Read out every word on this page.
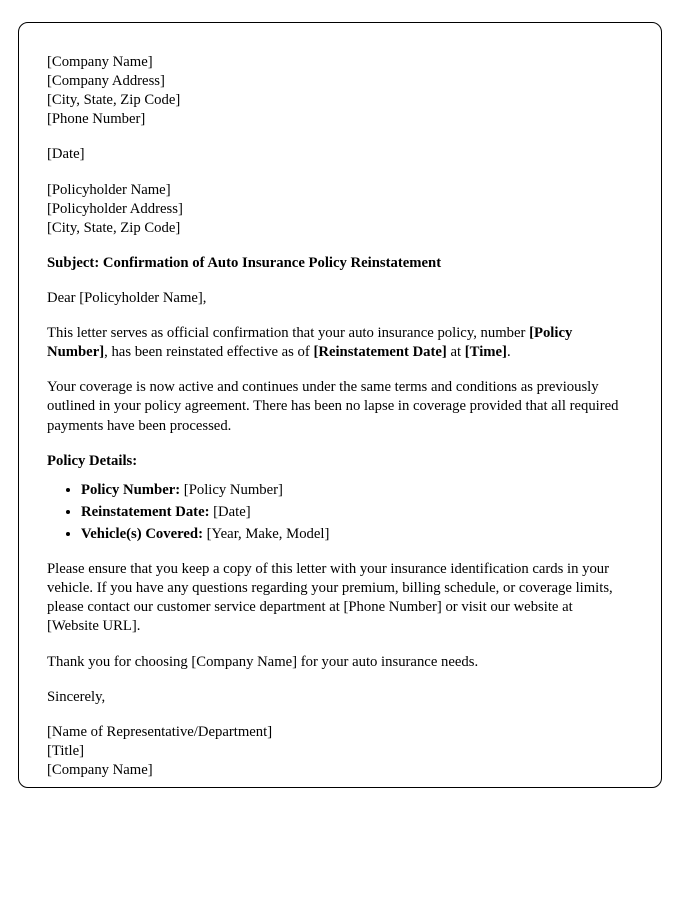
[Company Name]
[Company Address]
[City, State, Zip Code]
[Phone Number]
[Date]
[Policyholder Name]
[Policyholder Address]
[City, State, Zip Code]
Subject: Confirmation of Auto Insurance Policy Reinstatement
Dear [Policyholder Name],

This letter serves as official confirmation that your auto insurance policy, number [Policy Number], has been reinstated effective as of [Reinstatement Date] at [Time].

Your coverage is now active and continues under the same terms and conditions as previously outlined in your policy agreement. There has been no lapse in coverage provided that all required payments have been processed.

Policy Details:
• Policy Number: [Policy Number]
• Reinstatement Date: [Date]
• Vehicle(s) Covered: [Year, Make, Model]

Please ensure that you keep a copy of this letter with your insurance identification cards in your vehicle. If you have any questions regarding your premium, billing schedule, or coverage limits, please contact our customer service department at [Phone Number] or visit our website at [Website URL].

Thank you for choosing [Company Name] for your auto insurance needs.

Sincerely,
[Name of Representative/Department]
[Title]
[Company Name]
